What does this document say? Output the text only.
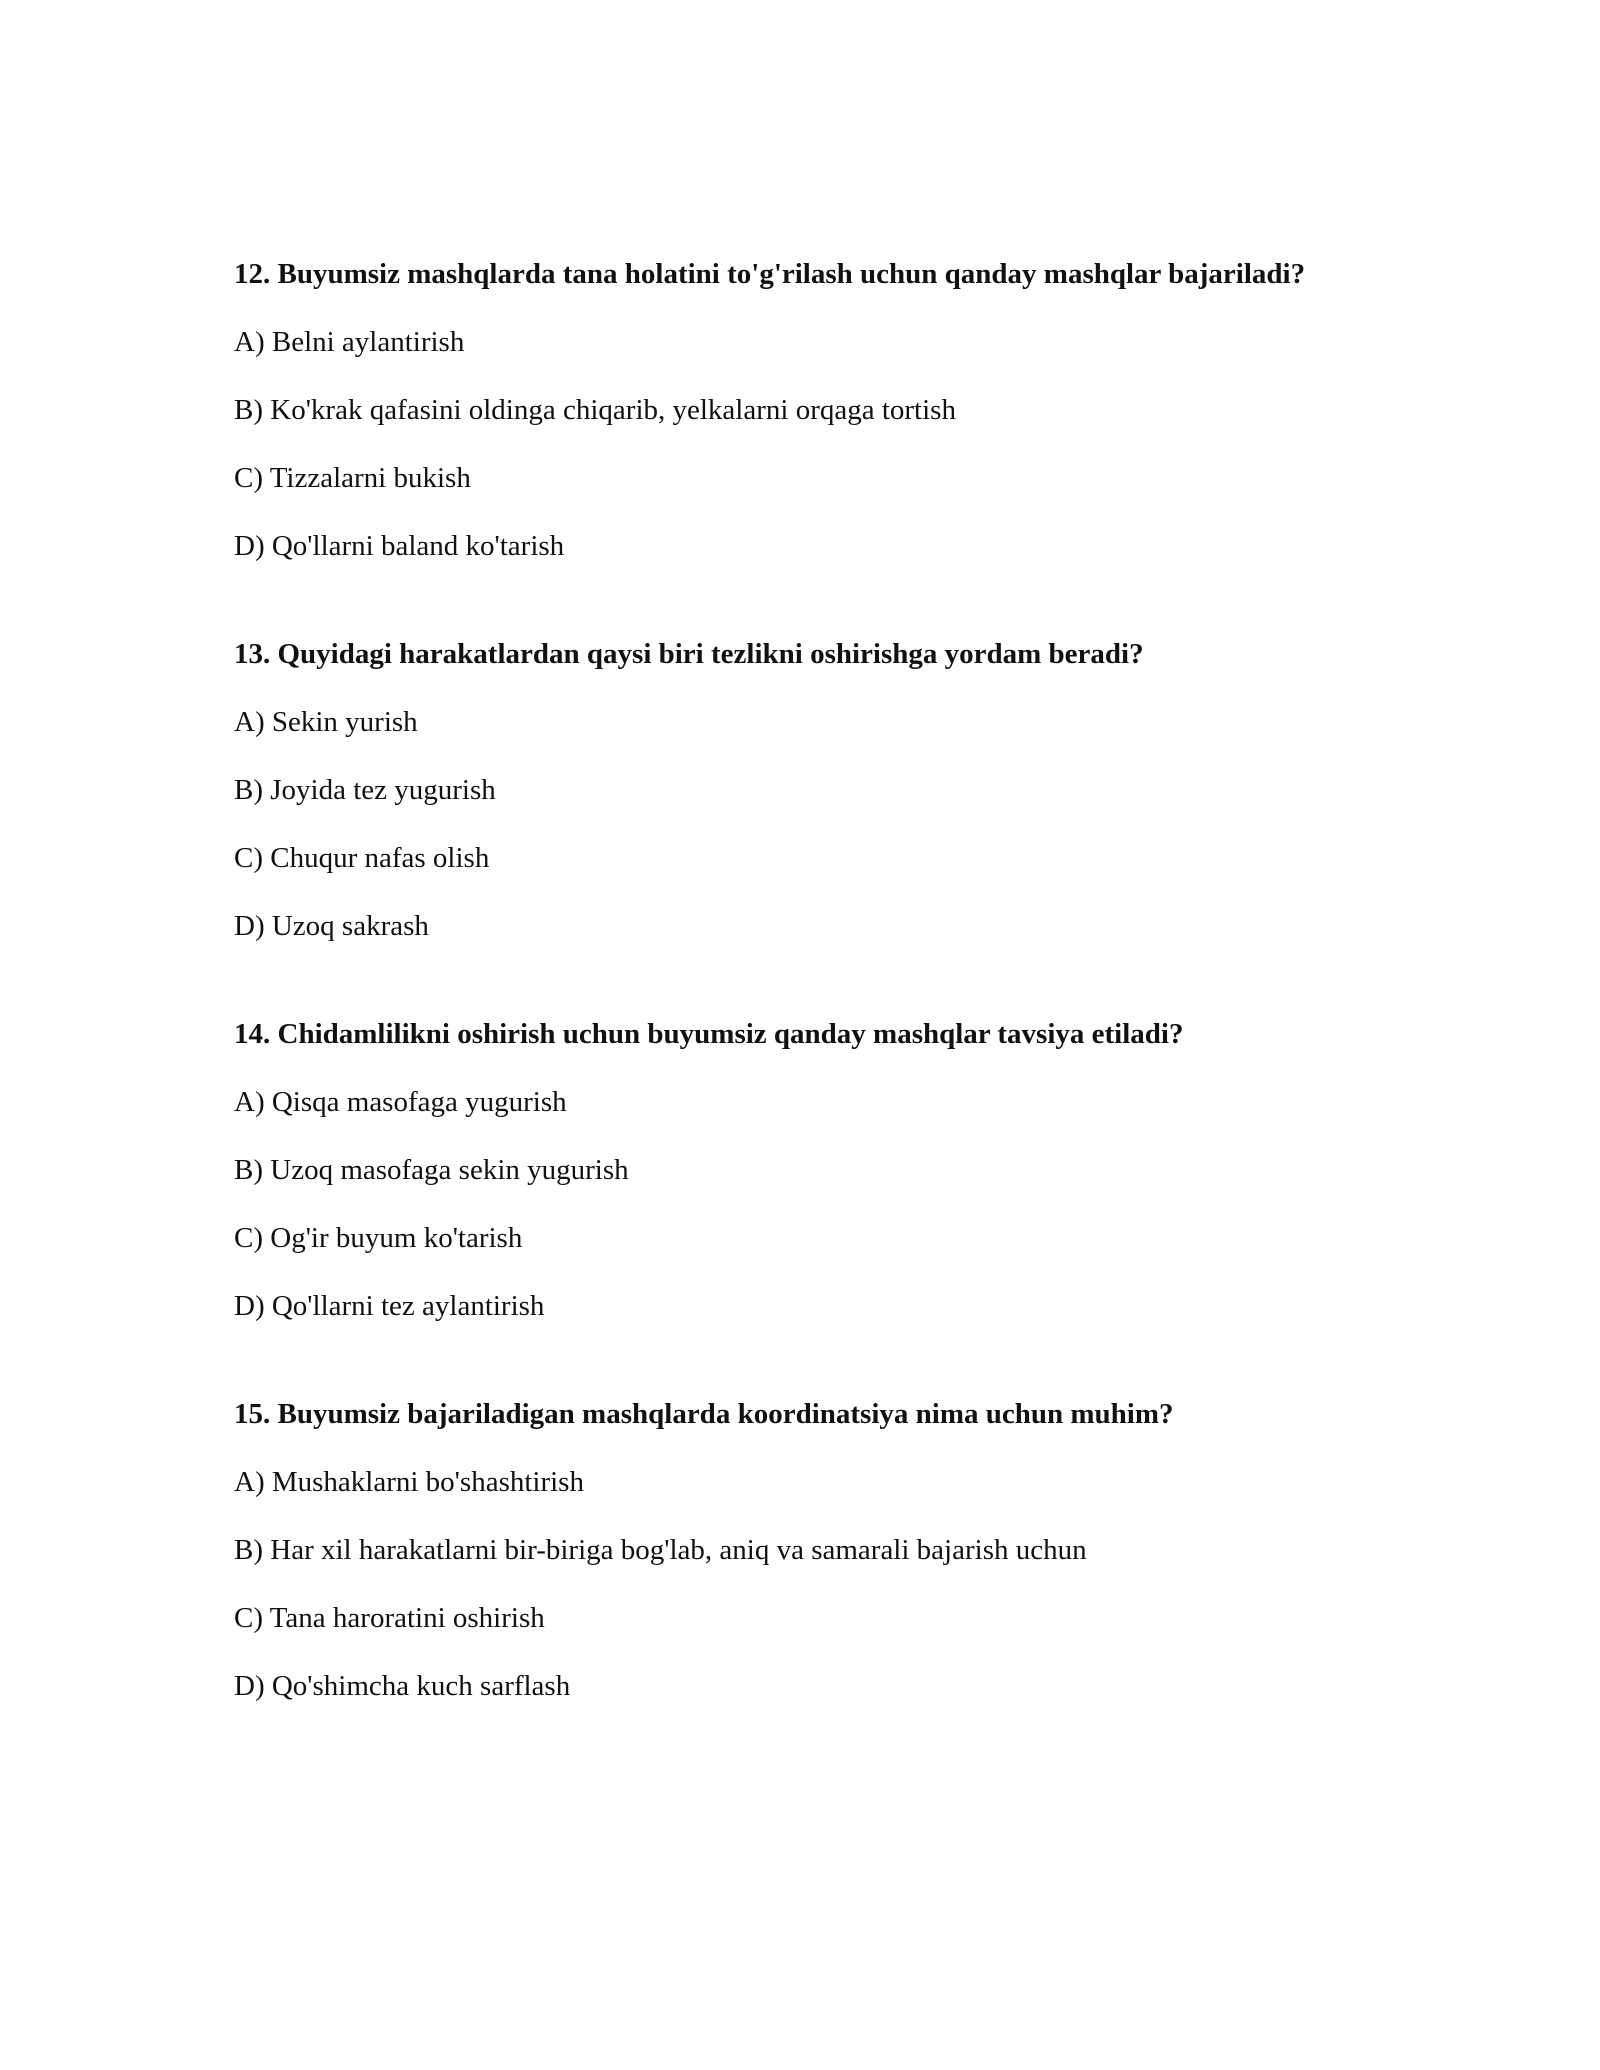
12. Buyumsiz mashqlarda tana holatini to'g'rilash uchun qanday mashqlar bajariladi?
A) Belni aylantirish
B) Ko'krak qafasini oldinga chiqarib, yelkalarni orqaga tortish
C) Tizzalarni bukish
D) Qo'llarni baland ko'tarish
13. Quyidagi harakatlardan qaysi biri tezlikni oshirishga yordam beradi?
A) Sekin yurish
B) Joyida tez yugurish
C) Chuqur nafas olish
D) Uzoq sakrash
14. Chidamlilikni oshirish uchun buyumsiz qanday mashqlar tavsiya etiladi?
A) Qisqa masofaga yugurish
B) Uzoq masofaga sekin yugurish
C) Og'ir buyum ko'tarish
D) Qo'llarni tez aylantirish
15. Buyumsiz bajariladigan mashqlarda koordinatsiya nima uchun muhim?
A) Mushaklarni bo'shashtirish
B) Har xil harakatlarni bir-biriga bog'lab, aniq va samarali bajarish uchun
C) Tana haroratini oshirish
D) Qo'shimcha kuch sarflash
